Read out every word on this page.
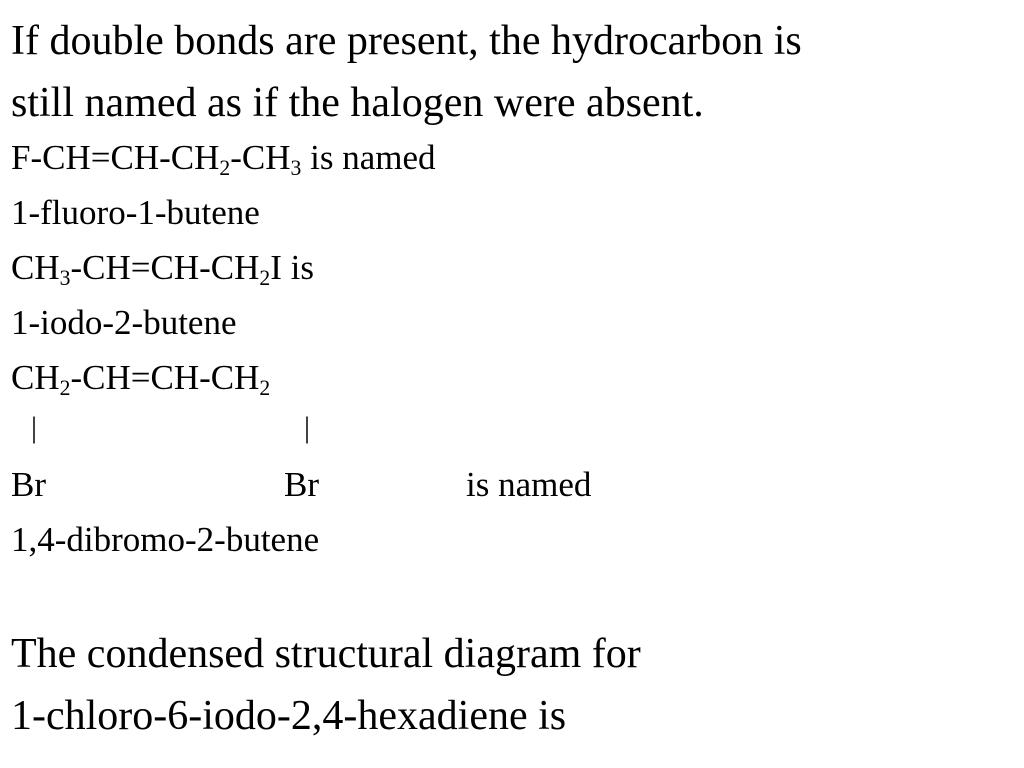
If double bonds are present, the hydrocarbon is
still named as if the halogen were absent.
$F-CH=CH-CH_2-CH_3$ is named
1-fluoro-1-butene
$CH_3-CH=CH-CH_2I$ is
1-iodo-2-butene
$CH_2-CH=CH-CH_2$
|	|
Br	Br	is named
1,4-dibromo-2-butene
The condensed structural diagram for
1-chloro-6-iodo-2,4-hexadiene is
